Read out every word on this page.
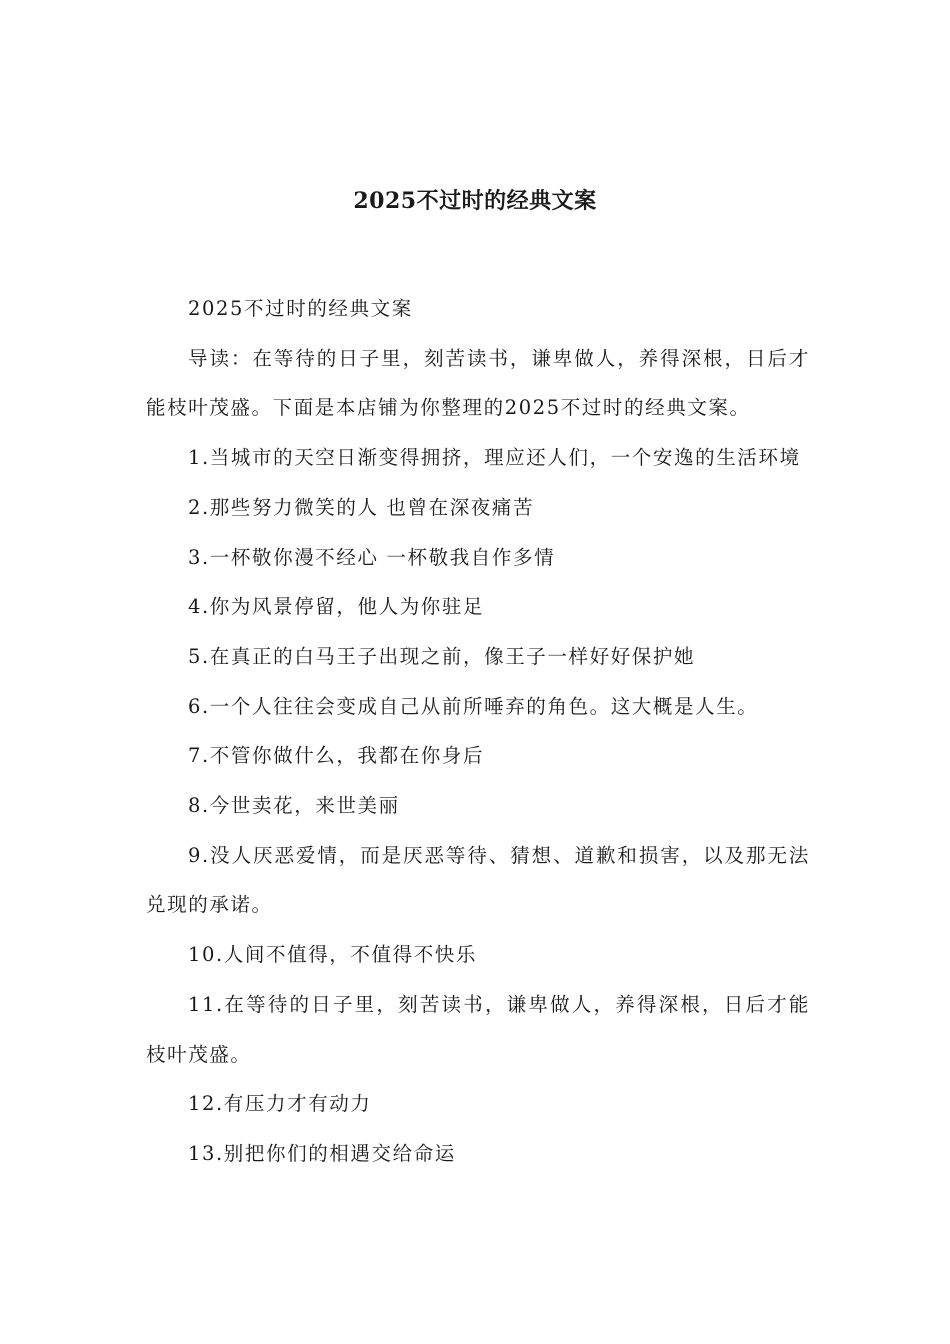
2025不过时的经典文案

2025不过时的经典文案

导读：在等待的日子里，刻苦读书，谦卑做人，养得深根，日后才能枝叶茂盛。下面是本店铺为你整理的2025不过时的经典文案。

1.当城市的天空日渐变得拥挤，理应还人们，一个安逸的生活环境

2.那些努力微笑的人 也曾在深夜痛苦

3.一杯敬你漫不经心 一杯敬我自作多情

4.你为风景停留，他人为你驻足

5.在真正的白马王子出现之前，像王子一样好好保护她

6.一个人往往会变成自己从前所唾弃的角色。这大概是人生。

7.不管你做什么，我都在你身后

8.今世卖花，来世美丽

9.没人厌恶爱情，而是厌恶等待、猜想、道歉和损害，以及那无法兑现的承诺。

10.人间不值得，不值得不快乐

11.在等待的日子里，刻苦读书，谦卑做人，养得深根，日后才能枝叶茂盛。

12.有压力才有动力

13.别把你们的相遇交给命运
